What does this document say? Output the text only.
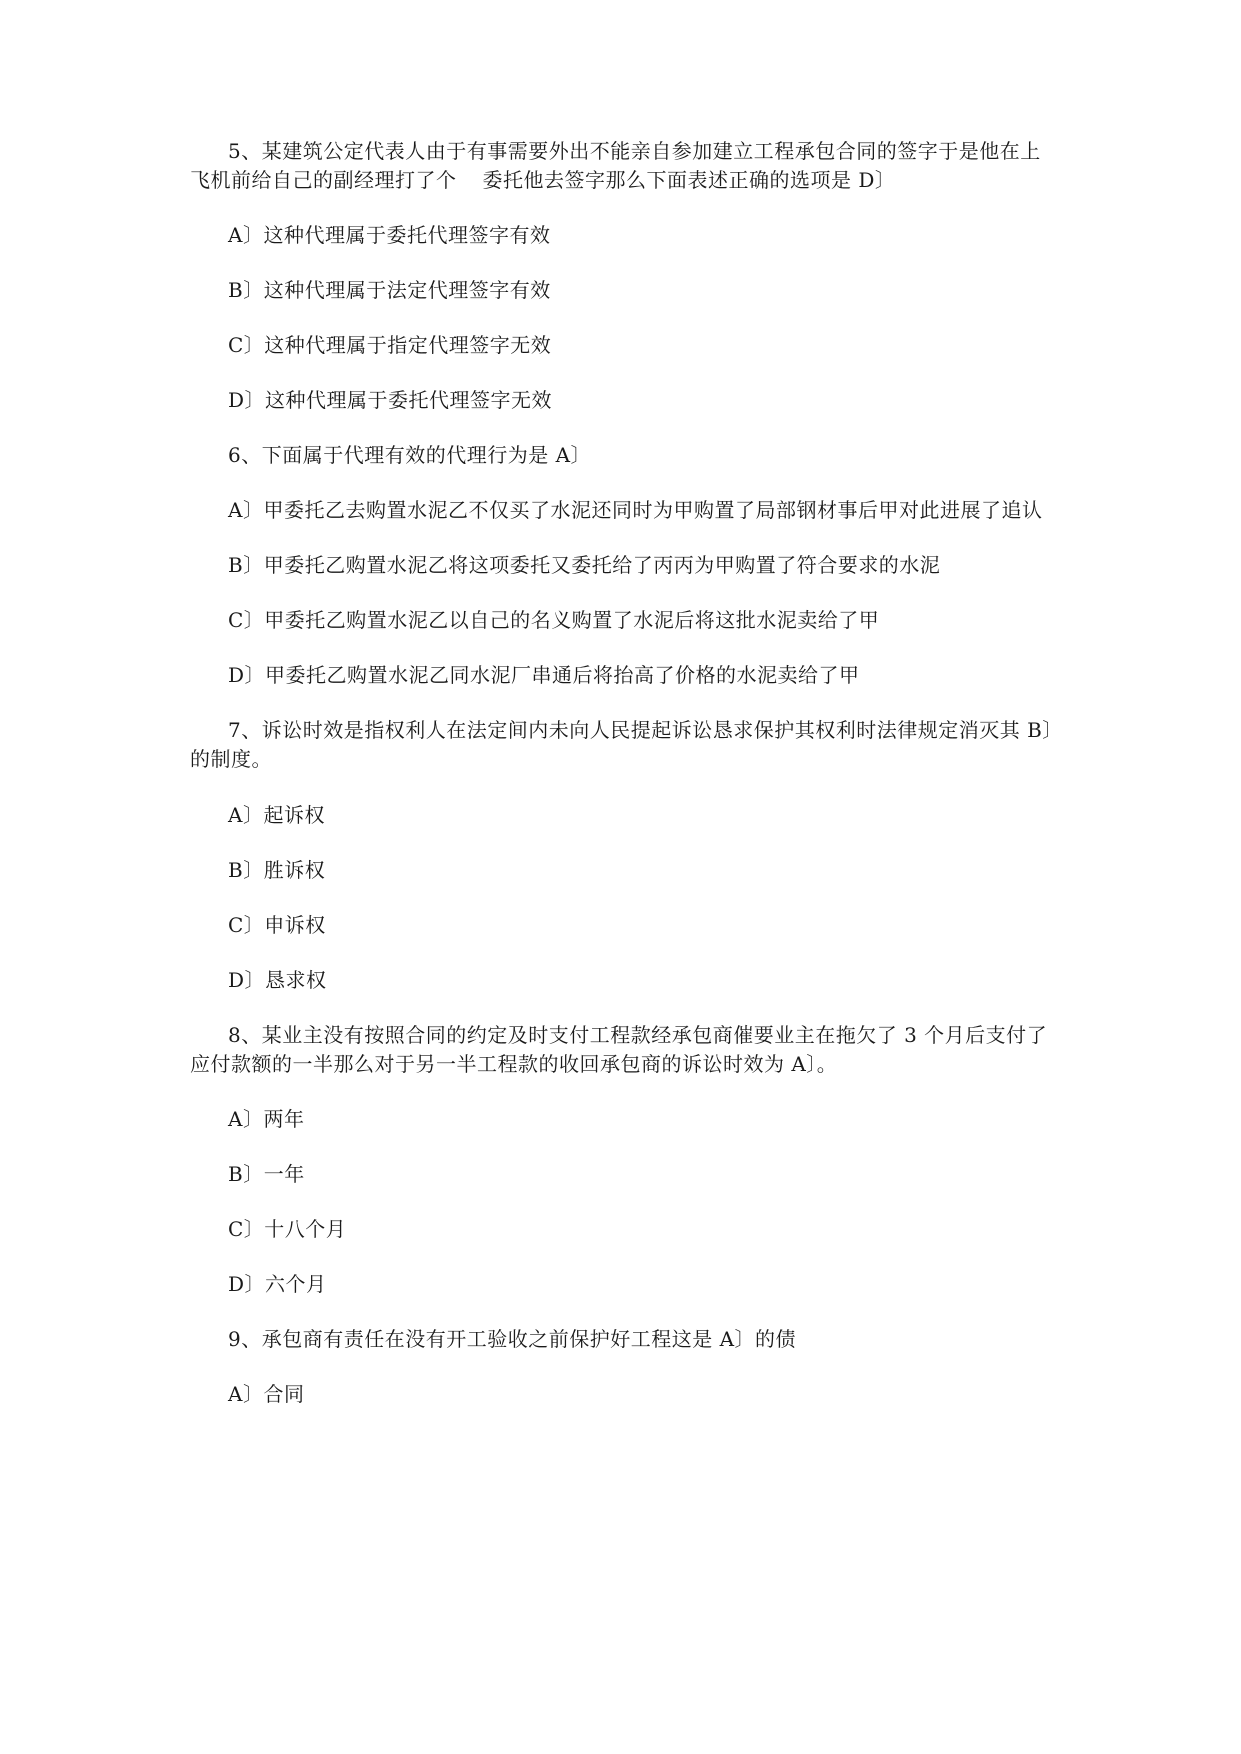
5、某建筑公定代表人由于有事需要外出不能亲自参加建立工程承包合同的签字于是他在上
飞机前给自己的副经理打了个 委托他去签字那么下面表述正确的选项是 D〕
A〕这种代理属于委托代理签字有效
B〕这种代理属于法定代理签字有效
C〕这种代理属于指定代理签字无效
D〕这种代理属于委托代理签字无效
6、下面属于代理有效的代理行为是 A〕
A〕甲委托乙去购置水泥乙不仅买了水泥还同时为甲购置了局部钢材事后甲对此进展了追认
B〕甲委托乙购置水泥乙将这项委托又委托给了丙丙为甲购置了符合要求的水泥
C〕甲委托乙购置水泥乙以自己的名义购置了水泥后将这批水泥卖给了甲
D〕甲委托乙购置水泥乙同水泥厂串通后将抬高了价格的水泥卖给了甲
7、诉讼时效是指权利人在法定间内未向人民提起诉讼恳求保护其权利时法律规定消灭其 B〕
的制度。
A〕起诉权
B〕胜诉权
C〕申诉权
D〕恳求权
8、某业主没有按照合同的约定及时支付工程款经承包商催要业主在拖欠了 3 个月后支付了
应付款额的一半那么对于另一半工程款的收回承包商的诉讼时效为 A〕。
A〕两年
B〕一年
C〕十八个月
D〕六个月
9、承包商有责任在没有开工验收之前保护好工程这是 A〕的债
A〕合同
